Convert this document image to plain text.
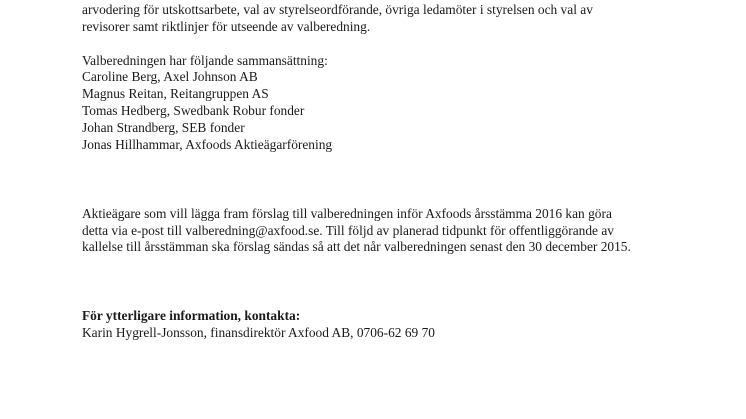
arvodering för utskottsarbete, val av styrelseordförande, övriga ledamöter i styrelsen och val av
revisorer samt riktlinjer för utseende av valberedning.
Valberedningen har följande sammansättning:
Caroline Berg, Axel Johnson AB
Magnus Reitan, Reitangruppen AS
Tomas Hedberg, Swedbank Robur fonder
Johan Strandberg, SEB fonder
Jonas Hillhammar, Axfoods Aktieägarförening
Aktieägare som vill lägga fram förslag till valberedningen inför Axfoods årsstämma 2016 kan göra
detta via e-post till valberedning@axfood.se. Till följd av planerad tidpunkt för offentliggörande av
kallelse till årsstämman ska förslag sändas så att det når valberedningen senast den 30 december 2015.
För ytterligare information, kontakta:
Karin Hygrell-Jonsson, finansdirektör Axfood AB, 0706-62 69 70
